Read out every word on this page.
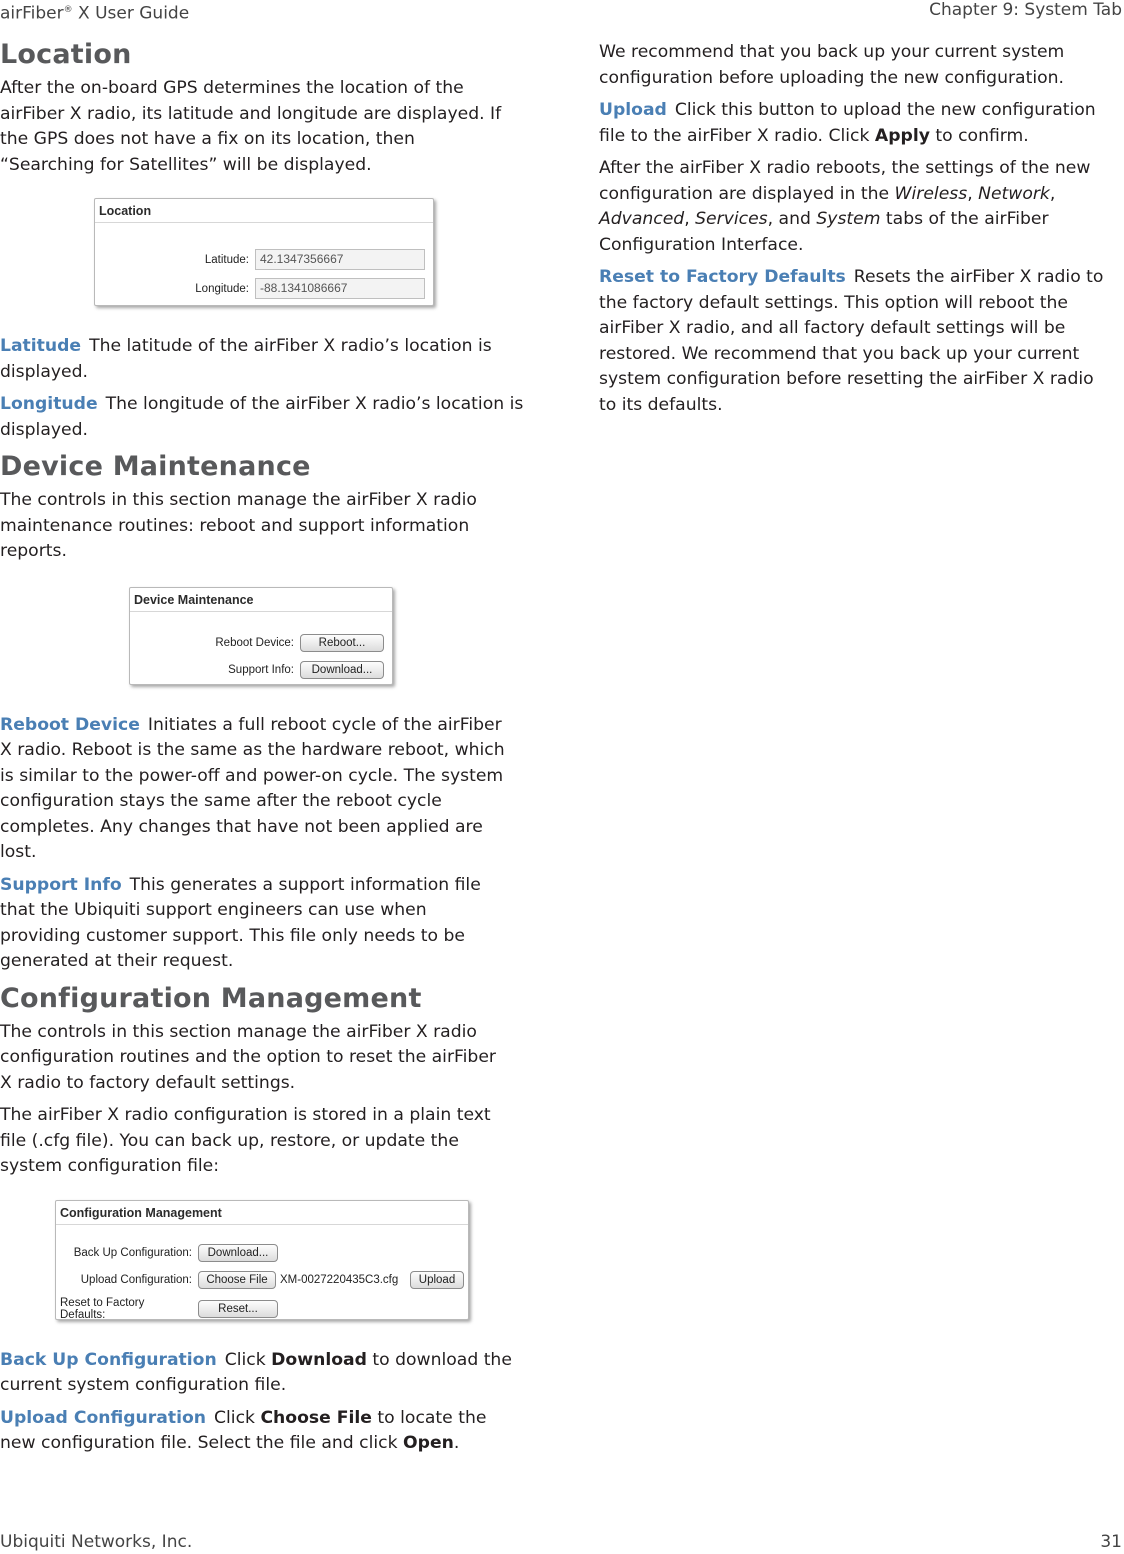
airFiber® X User Guide	Chapter 9: System Tab
Location

After the on-board GPS determines the location of the airFiber X radio, its latitude and longitude are displayed. If the GPS does not have a fix on its location, then “Searching for Satellites” will be displayed.

Location
Latitude: 42.1347356667
Longitude: -88.1341086667

Latitude The latitude of the airFiber X radio’s location is displayed.

Longitude The longitude of the airFiber X radio’s location is displayed.

Device Maintenance

The controls in this section manage the airFiber X radio maintenance routines: reboot and support information reports.

Device Maintenance
Reboot Device:	Reboot...
Support Info:	Download...

Reboot Device Initiates a full reboot cycle of the airFiber X radio. Reboot is the same as the hardware reboot, which is similar to the power-off and power-on cycle. The system configuration stays the same after the reboot cycle completes. Any changes that have not been applied are lost.

Support Info This generates a support information file that the Ubiquiti support engineers can use when providing customer support. This file only needs to be generated at their request.

Configuration Management

The controls in this section manage the airFiber X radio configuration routines and the option to reset the airFiber X radio to factory default settings.

The airFiber X radio configuration is stored in a plain text file (.cfg file). You can back up, restore, or update the system configuration file:

Configuration Management
Back Up Configuration:	Download...
Upload Configuration:	Choose File	XM-0027220435C3.cfg	Upload
Reset to Factory Defaults:	Reset...

Back Up Configuration Click Download to download the current system configuration file.

Upload Configuration Click Choose File to locate the new configuration file. Select the file and click Open.

We recommend that you back up your current system configuration before uploading the new configuration.

Upload Click this button to upload the new configuration file to the airFiber X radio. Click Apply to confirm.

After the airFiber X radio reboots, the settings of the new configuration are displayed in the Wireless, Network, Advanced, Services, and System tabs of the airFiber Configuration Interface.

Reset to Factory Defaults Resets the airFiber X radio to the factory default settings. This option will reboot the airFiber X radio, and all factory default settings will be restored. We recommend that you back up your current system configuration before resetting the airFiber X radio to its defaults.

Ubiquiti Networks, Inc.	31
